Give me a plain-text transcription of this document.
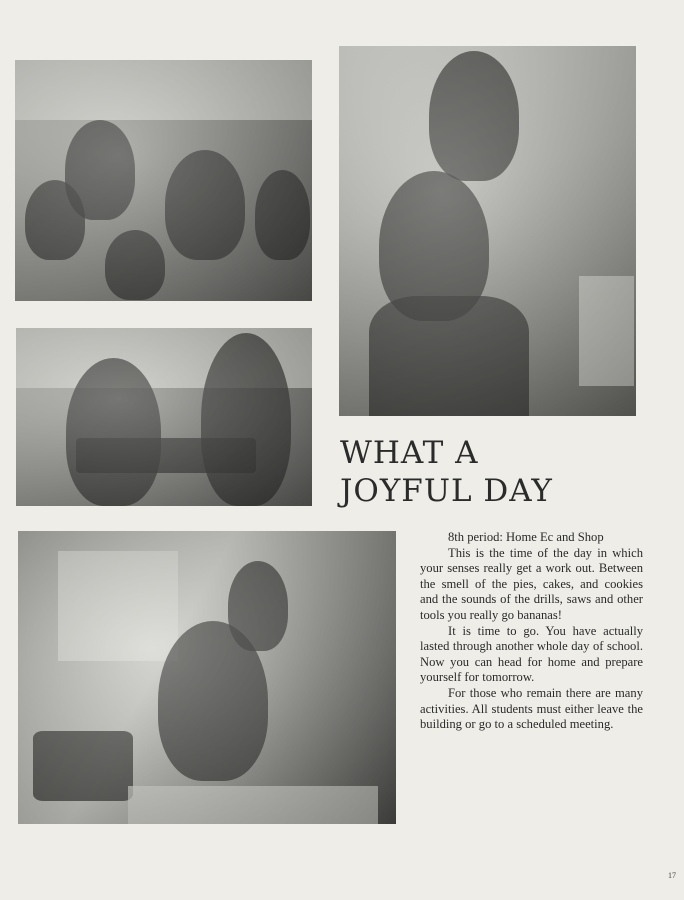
WHAT A
JOYFUL DAY

8th period: Home Ec and Shop

This is the time of the day in which your senses really get a work out. Between the smell of the pies, cakes, and cookies and the sounds of the drills, saws and other tools you really go bananas!

It is time to go. You have actually lasted through another whole day of school. Now you can head for home and prepare yourself for tomorrow.

For those who remain there are many activities. All students must either leave the building or go to a scheduled meeting.

17
